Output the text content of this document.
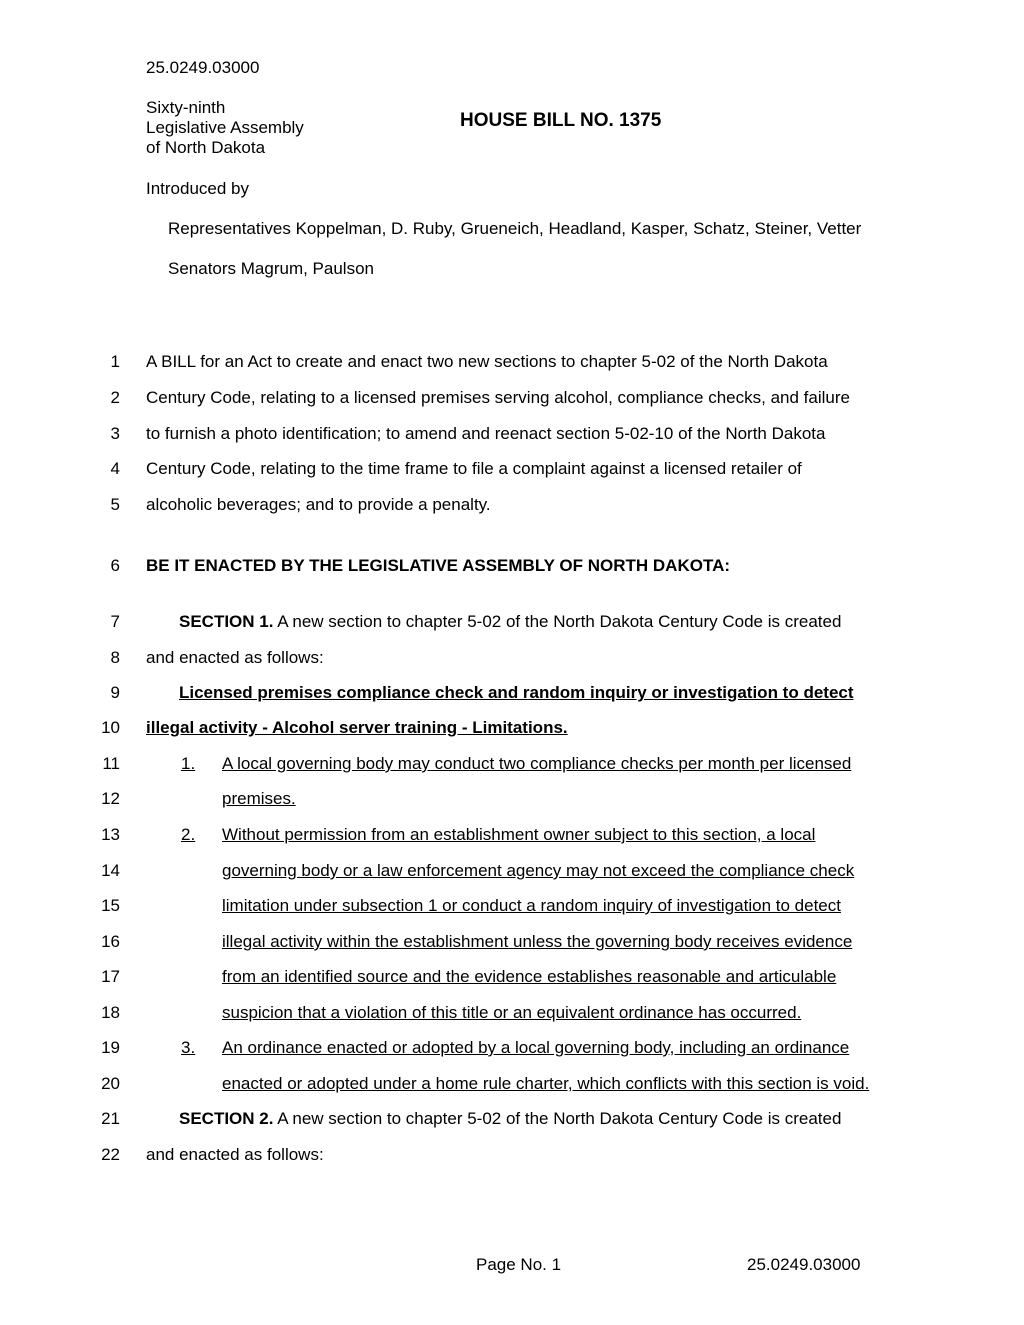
25.0249.03000
Sixty-ninth
Legislative Assembly
of North Dakota
HOUSE BILL NO. 1375
Introduced by
Representatives Koppelman, D. Ruby, Grueneich, Headland, Kasper, Schatz, Steiner, Vetter
Senators Magrum, Paulson
1 A BILL for an Act to create and enact two new sections to chapter 5-02 of the North Dakota
2 Century Code, relating to a licensed premises serving alcohol, compliance checks, and failure
3 to furnish a photo identification; to amend and reenact section 5-02-10 of the North Dakota
4 Century Code, relating to the time frame to file a complaint against a licensed retailer of
5 alcoholic beverages; and to provide a penalty.
6 BE IT ENACTED BY THE LEGISLATIVE ASSEMBLY OF NORTH DAKOTA:
7	SECTION 1. A new section to chapter 5-02 of the North Dakota Century Code is created
8 and enacted as follows:
9	Licensed premises compliance check and random inquiry or investigation to detect
10 illegal activity - Alcohol server training - Limitations.
11	1. A local governing body may conduct two compliance checks per month per licensed
12	premises.
13	2. Without permission from an establishment owner subject to this section, a local
14	governing body or a law enforcement agency may not exceed the compliance check
15	limitation under subsection 1 or conduct a random inquiry of investigation to detect
16	illegal activity within the establishment unless the governing body receives evidence
17	from an identified source and the evidence establishes reasonable and articulable
18	suspicion that a violation of this title or an equivalent ordinance has occurred.
19	3. An ordinance enacted or adopted by a local governing body, including an ordinance
20	enacted or adopted under a home rule charter, which conflicts with this section is void.
21	SECTION 2. A new section to chapter 5-02 of the North Dakota Century Code is created
22 and enacted as follows:
Page No. 1	25.0249.03000
